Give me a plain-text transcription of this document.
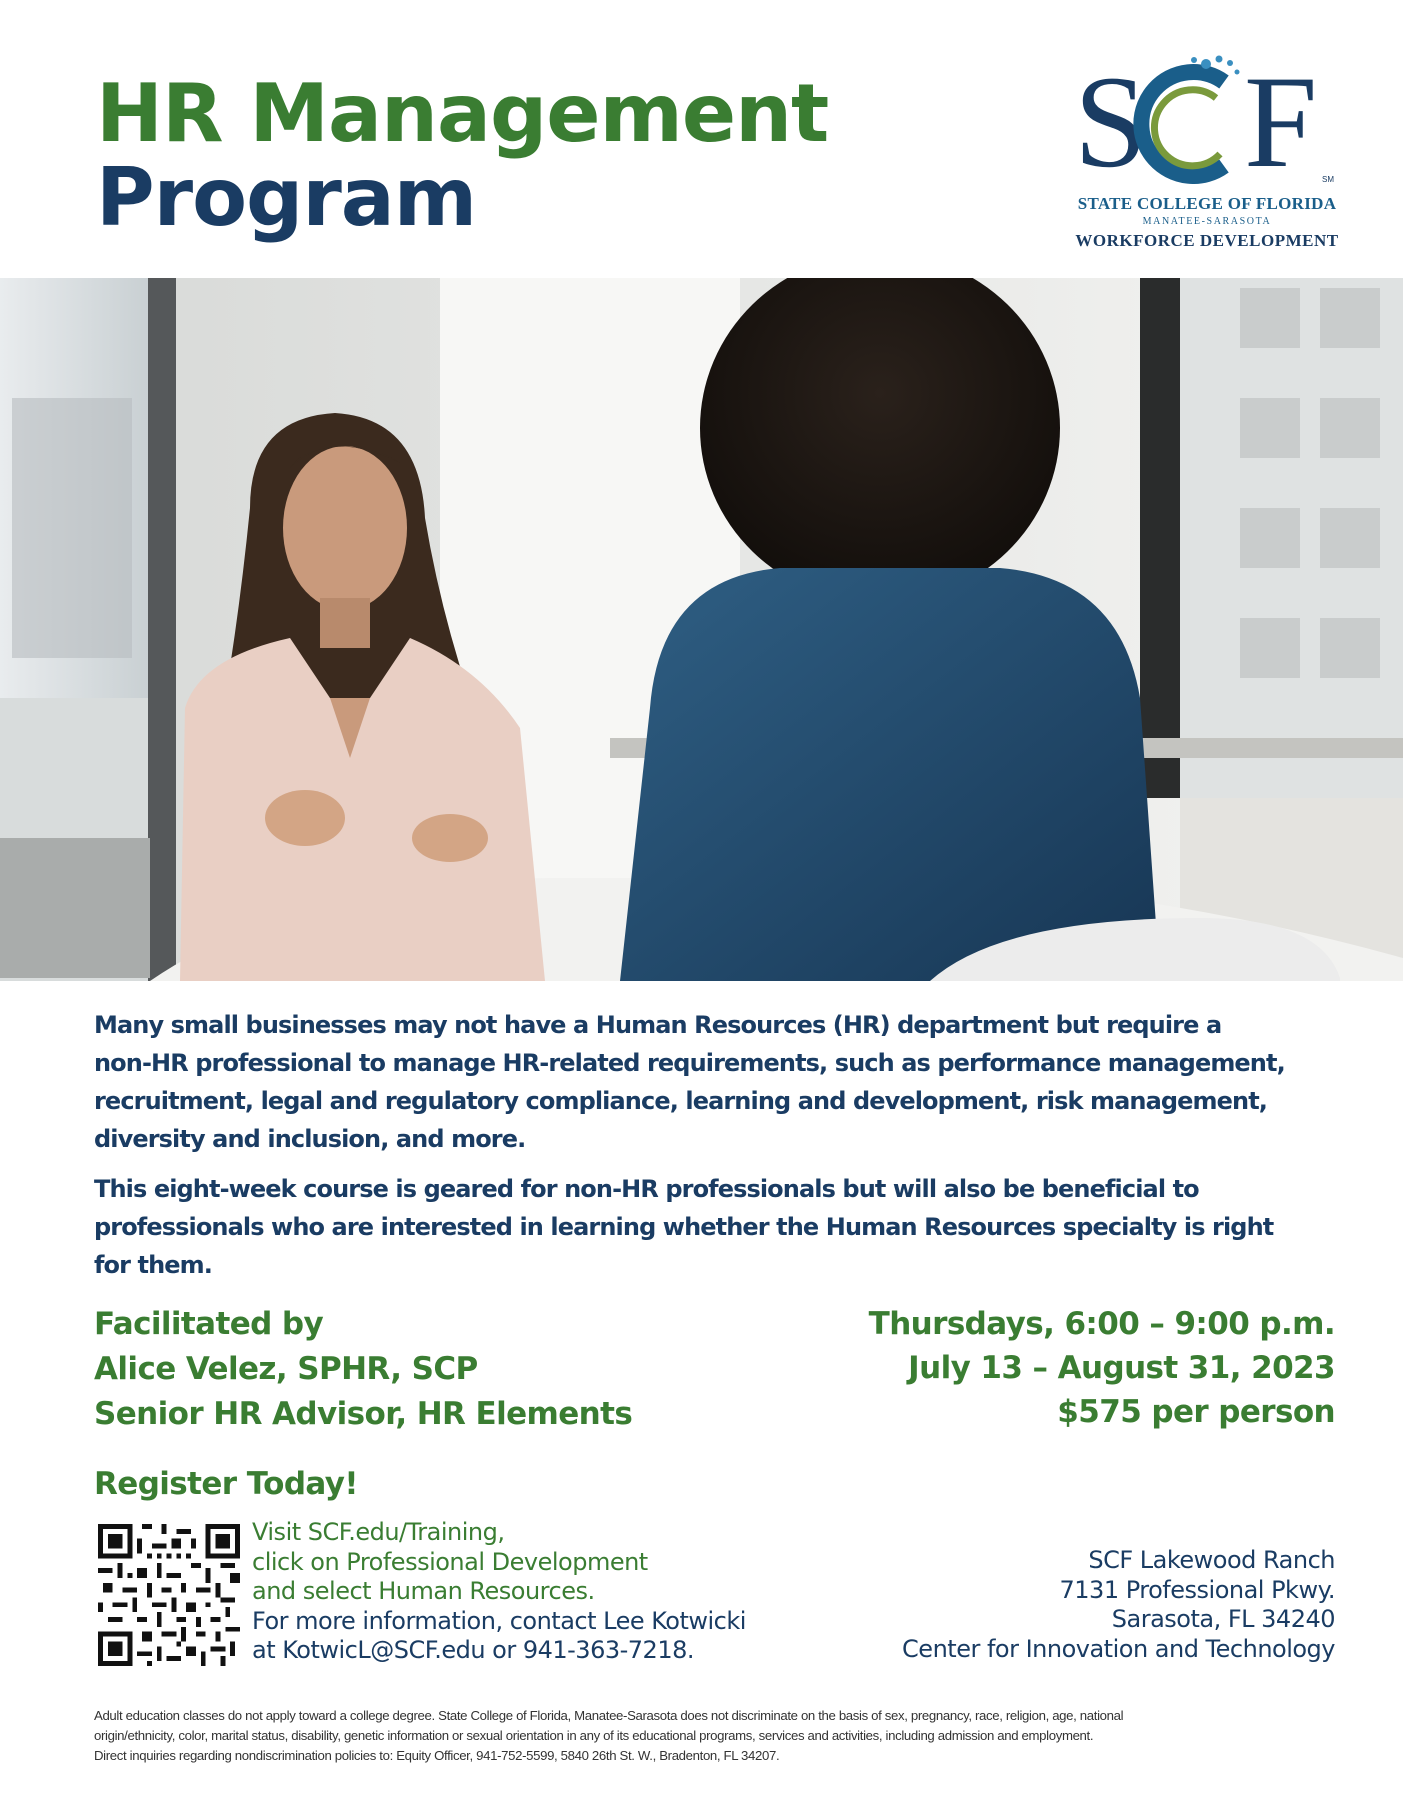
HR Management
Program
S F SM
STATE COLLEGE OF FLORIDA
MANATEE-SARASOTA
WORKFORCE DEVELOPMENT
Many small businesses may not have a Human Resources (HR) department but require a
non-HR professional to manage HR-related requirements, such as performance management,
recruitment, legal and regulatory compliance, learning and development, risk management,
diversity and inclusion, and more.
This eight-week course is geared for non-HR professionals but will also be beneficial to
professionals who are interested in learning whether the Human Resources specialty is right
for them.
Facilitated by
Alice Velez, SPHR, SCP
Senior HR Advisor, HR Elements
Thursdays, 6:00 – 9:00 p.m.
July 13 – August 31, 2023
$575 per person
Register Today!
Visit SCF.edu/Training,
click on Professional Development
and select Human Resources.
For more information, contact Lee Kotwicki
at KotwicL@SCF.edu or 941-363-7218.
SCF Lakewood Ranch
7131 Professional Pkwy.
Sarasota, FL 34240
Center for Innovation and Technology
Adult education classes do not apply toward a college degree. State College of Florida, Manatee-Sarasota does not discriminate on the basis of sex, pregnancy, race, religion, age, national
origin/ethnicity, color, marital status, disability, genetic information or sexual orientation in any of its educational programs, services and activities, including admission and employment.
Direct inquiries regarding nondiscrimination policies to: Equity Officer, 941-752-5599, 5840 26th St. W., Bradenton, FL 34207.
